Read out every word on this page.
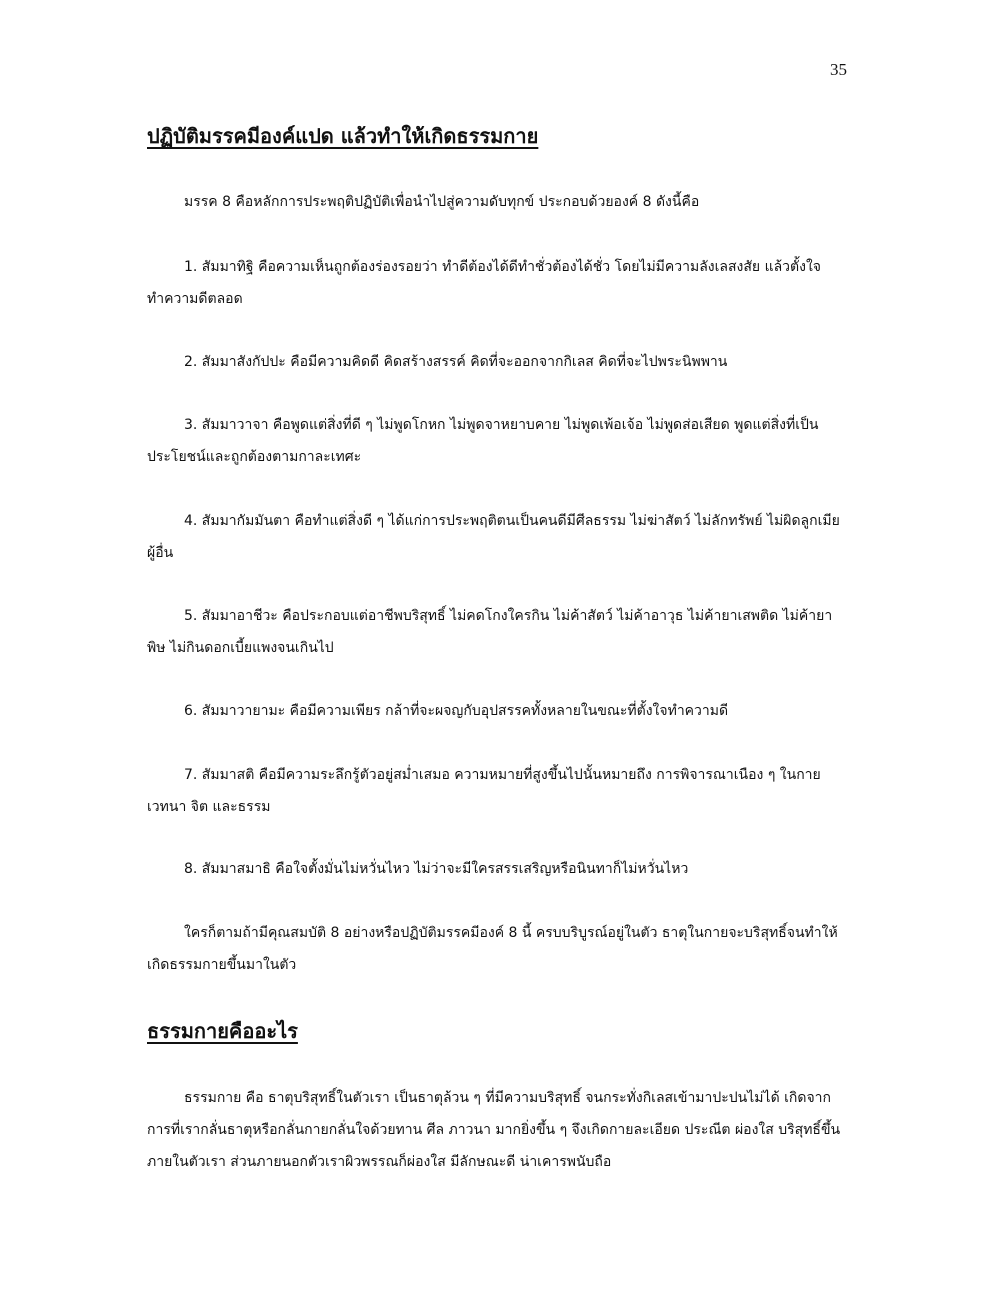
35
ปฏิบัติมรรคมีองค์แปด แล้วทำให้เกิดธรรมกาย
มรรค 8 คือหลักการประพฤติปฏิบัติเพื่อนำไปสู่ความดับทุกข์ ประกอบด้วยองค์ 8 ดังนี้คือ
1. สัมมาทิฐิ คือความเห็นถูกต้องร่องรอยว่า ทำดีต้องได้ดีทำชั่วต้องได้ชั่ว โดยไม่มีความลังเลสงสัย แล้วตั้งใจทำความดีตลอด
2. สัมมาสังกัปปะ คือมีความคิดดี คิดสร้างสรรค์ คิดที่จะออกจากกิเลส คิดที่จะไปพระนิพพาน
3. สัมมาวาจา คือพูดแต่สิ่งที่ดี ๆ ไม่พูดโกหก ไม่พูดจาหยาบคาย ไม่พูดเพ้อเจ้อ ไม่พูดส่อเสียด พูดแต่สิ่งที่เป็นประโยชน์และถูกต้องตามกาละเทศะ
4. สัมมากัมมันตา คือทำแต่สิ่งดี ๆ ได้แก่การประพฤติตนเป็นคนดีมีศีลธรรม ไม่ฆ่าสัตว์ ไม่ลักทรัพย์ ไม่ผิดลูกเมียผู้อื่น
5. สัมมาอาชีวะ คือประกอบแต่อาชีพบริสุทธิ์ ไม่คดโกงใครกิน ไม่ค้าสัตว์ ไม่ค้าอาวุธ ไม่ค้ายาเสพติด ไม่ค้ายาพิษ ไม่กินดอกเบี้ยแพงจนเกินไป
6. สัมมาวายามะ คือมีความเพียร กล้าที่จะผจญกับอุปสรรคทั้งหลายในขณะที่ตั้งใจทำความดี
7. สัมมาสติ คือมีความระลึกรู้ตัวอยู่สม่ำเสมอ ความหมายที่สูงขึ้นไปนั้นหมายถึง การพิจารณาเนือง ๆ ในกาย เวทนา จิต และธรรม
8. สัมมาสมาธิ คือใจตั้งมั่นไม่หวั่นไหว ไม่ว่าจะมีใครสรรเสริญหรือนินทาก็ไม่หวั่นไหว
ใครก็ตามถ้ามีคุณสมบัติ 8 อย่างหรือปฏิบัติมรรคมีองค์ 8 นี้ ครบบริบูรณ์อยู่ในตัว ธาตุในกายจะบริสุทธิ์จนทำให้เกิดธรรมกายขึ้นมาในตัว
ธรรมกายคืออะไร
ธรรมกาย คือ ธาตุบริสุทธิ์ในตัวเรา เป็นธาตุล้วน ๆ ที่มีความบริสุทธิ์ จนกระทั่งกิเลสเข้ามาปะปนไม่ได้ เกิดจากการที่เรากลั่นธาตุหรือกลั่นกายกลั่นใจด้วยทาน ศีล ภาวนา มากยิ่งขึ้น ๆ จึงเกิดกายละเอียด ประณีต ผ่องใส บริสุทธิ์ขึ้นภายในตัวเรา ส่วนภายนอกตัวเราผิวพรรณก็ผ่องใส มีลักษณะดี น่าเคารพนับถือ
